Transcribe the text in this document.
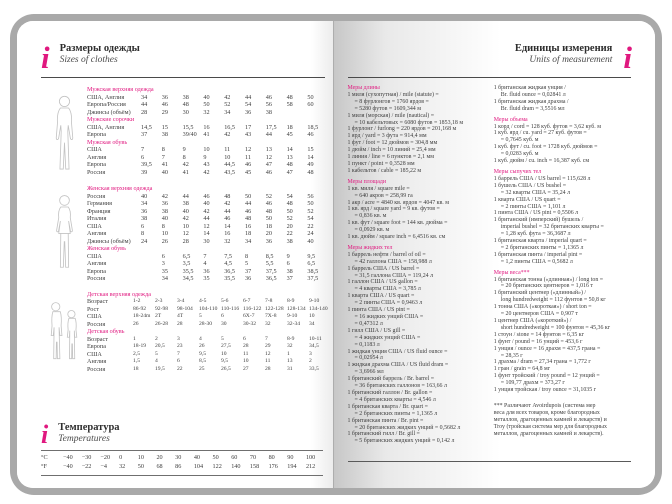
i Размеры одежды
Sizes of clothes
Мужская верхняя одежда
США, Англия	34	36	38	40	42	44	46	48	50
Европа/Россия	44	46	48	50	52	54	56	58	60
Джинсы (объём)	28	29	30	32	34	36	38
Мужские сорочки
США, Англия	14,5	15	15,5	16	16,5	17	17,5	18	18,5
Европа	37	38	39/40	41	42	43	44	45	46
Мужская обувь
США	7	8	9	10	11	12	13	14	15
Англия	6	7	8	9	10	11	12	13	14
Европа	39,5	41	42	43	44,5	46	47	48	49
Россия	39	40	41	42	43,5	45	46	47	48
Женская верхняя одежда
Россия	40	42	44	46	48	50	52	54	56
Германия	34	36	38	40	42	44	46	48	50
Франция	36	38	40	42	44	46	48	50	52
Италия	38	40	42	44	46	48	50	52	54
США	6	8	10	12	14	16	18	20	22
Англия	8	10	12	14	16	18	20	22	24
Джинсы (объём)	24	26	28	30	32	34	36	38	40
Женская обувь
США	6	6,5	7	7,5	8	8,5	9	9,5
Англия	3	3,5	4	4,5	5	5,5	6	6,5
Европа	35	35,5	36	36,5	37	37,5	38	38,5
Россия	34	34,5	35	35,5	36	36,5	37	37,5
Детская верхняя одежда
Возраст	1-2	2-3	3-4	4-5	5-6	6-7	7-8	8-9	9-10
Рост	86-92	92-98	98-104	104-110 110-116 116-122 122-128 128-134 134-140
США	18-24m 2T	4T	5	6	6X-7	7X-8	9-10	10
Россия	26	26-28	28	28-30	30	30-32	32	32-34	34
Детская обувь
Возраст	1	2	3	4	5	6	7	8-9	10-11
Европа	18-19	20,5	23	26	27,5	28	29	32	34,5
США	2,5	5	7	9,5	10	11	12	1	3
Англия	1,5	4	6	8,5	9,5	10	11	13	2
Россия	18	19,5	22	25	26,5	27	28	31	33,5
i Температура
Temperatures
°C	−40	−30	−20	0	10	20	30	40	50	60	70	80	90	100
°F	−40	−22	−4	32	50	68	86	104	122	140	158	176	194	212
Единицы измерения
Units of measurement i
Меры длины
1 миля (сухопутная) / mile (statute) =
= 8 фурлонгов = 1760 ярдов =
= 5280 футов = 1609,344 м
1 миля (морская) / mile (nautical) =
= 10 кабельтовых = 6080 футов = 1853,18 м
1 фурлонг / furlong = 220 ярдов = 201,168 м
1 ярд / yard = 3 фута = 914,4 мм
1 фут / foot = 12 дюймов = 304,8 мм
1 дюйм / inch = 10 линий = 25,4 мм
1 линия / line = 6 пунктов = 2,1 мм
1 пункт / point = 0,3528 мм
1 кабельтов / cable = 185,22 м
Меры площади
1 кв. миля / square mile =
= 640 акров = 258,99 га
1 акр / acre = 4840 кв. ярдов = 4047 кв. м
1 кв. ярд / square yard = 9 кв. футов =
= 0,836 кв. м
1 кв. фут / square foot = 144 кв. дюйма =
= 0,0929 кв. м
1 кв. дюйм / square inch = 6,4516 кв. см
Меры жидких тел
1 баррель нефти / barrel of oil =
= 42 галлона США = 158,988 л
1 баррель США / US barrel =
= 31,5 галлона США = 119,24 л
1 галлон США / US gallon =
= 4 кварты США = 3,785 л
1 кварта США / US quart =
= 2 пинты США = 0,9463 л
1 пинта США / US pint =
= 16 жидких унций США =
= 0,47312 л
1 гилл США / US gill =
= 4 жидких унций США =
= 0,1183 л
1 жидкая унция США / US fluid ounce =
= 0,02954 л
1 жидкая драхма США / US fluid dram =
= 3,6966 мл
1 британский баррель / Br. barrel =
= 36 британских галлонов = 163,66 л
1 британский галлон / Br. gallon =
= 4 британских кварты = 4,546 л
1 британская кварта / Br. quart =
= 2 британских пинты = 1,1365 л
1 британская пинта / Br. pint =
= 20 британских жидких унций = 0,5682 л
1 британский гилл / Br. gill =
= 5 британских жидких унций = 0,142 л
1 британская жидкая унция /
Br. fluid ounce = 0,02841 л
1 британская жидкая драхма /
Br. fluid dram = 3,5516 мл
Меры объема
1 корд / cord = 128 куб. футов = 3,62 куб. м
1 куб. ярд / cu. yard = 27 куб. футов =
= 0,7645 куб. м
1 куб. фут / cu. foot = 1728 куб. дюймов =
= 0,0283 куб. м
1 куб. дюйм / cu. inch = 16,387 куб. см
Меры сыпучих тел
1 баррель США / US barrel = 115,628 л
1 бушель США / US bushel =
= 32 кварты США = 35,24 л
1 кварта США / US quart =
= 2 пинты США = 1,101 л
1 пинта США / US pint = 0,5506 л
1 британский (имперский) бушель /
imperial bushel = 32 британских кварты =
= 1,28 куб. фута = 36,3687 л
1 британская кварта / imperial quart =
= 2 британских пинты = 1,1365 л
1 британская пинта / imperial pint =
= 1,2 пинты США = 0,5682 л
Меры веса***
1 британская тонна («длинная») / long ton =
= 20 британских центнеров = 1,016 т
1 британский центнер («длинный») /
long hundredweight = 112 фунтов = 50,8 кг
1 тонна США («короткая») / short ton =
= 20 центнеров США = 0,907 т
1 центнер США («короткий») /
short hundredweight = 100 фунтов = 45,36 кг
1 стоун / stone = 14 фунтов = 6,35 кг
1 фунт / pound = 16 унций = 453,6 г
1 унция / ounce = 16 драхм = 437,5 грана =
= 28,35 г
1 драхма / dram = 27,34 грана = 1,772 г
1 гран / grain = 64,8 мг
1 фунт тройский / troy pound = 12 унций =
= 109,77 драхм = 373,27 г
1 унция тройская / troy ounce = 31,1035 г
*** Различают Avoirdupois (система мер
веса для всех товаров, кроме благородных
металлов, драгоценных камней и лекарств) и
Troy (тройская система мер для благородных
металлов, драгоценных камней и лекарств).
